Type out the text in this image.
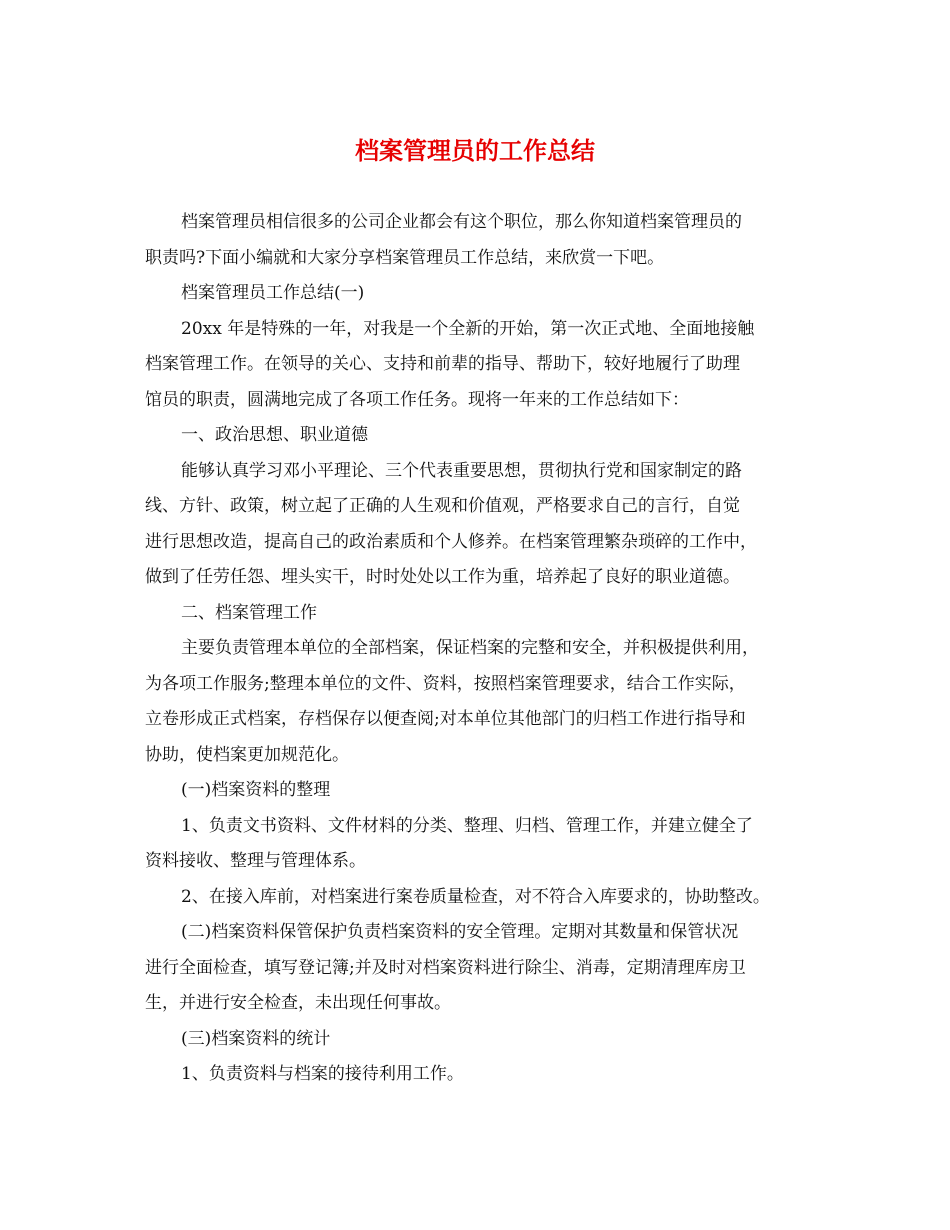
档案管理员的工作总结

档案管理员相信很多的公司企业都会有这个职位，那么你知道档案管理员的

职责吗?下面小编就和大家分享档案管理员工作总结，来欣赏一下吧。

档案管理员工作总结(一)

20xx 年是特殊的一年，对我是一个全新的开始，第一次正式地、全面地接触

档案管理工作。在领导的关心、支持和前辈的指导、帮助下，较好地履行了助理

馆员的职责，圆满地完成了各项工作任务。现将一年来的工作总结如下：

一、政治思想、职业道德

能够认真学习邓小平理论、三个代表重要思想，贯彻执行党和国家制定的路

线、方针、政策，树立起了正确的人生观和价值观，严格要求自己的言行，自觉

进行思想改造，提高自己的政治素质和个人修养。在档案管理繁杂琐碎的工作中，

做到了任劳任怨、埋头实干，时时处处以工作为重，培养起了良好的职业道德。

二、档案管理工作

主要负责管理本单位的全部档案，保证档案的完整和安全，并积极提供利用，

为各项工作服务;整理本单位的文件、资料，按照档案管理要求，结合工作实际，

立卷形成正式档案，存档保存以便查阅;对本单位其他部门的归档工作进行指导和

协助，使档案更加规范化。

(一)档案资料的整理

1、负责文书资料、文件材料的分类、整理、归档、管理工作，并建立健全了

资料接收、整理与管理体系。

2、在接入库前，对档案进行案卷质量检查，对不符合入库要求的，协助整改。

(二)档案资料保管保护负责档案资料的安全管理。定期对其数量和保管状况

进行全面检查，填写登记簿;并及时对档案资料进行除尘、消毒，定期清理库房卫

生，并进行安全检查，未出现任何事故。

(三)档案资料的统计

1、负责资料与档案的接待利用工作。
